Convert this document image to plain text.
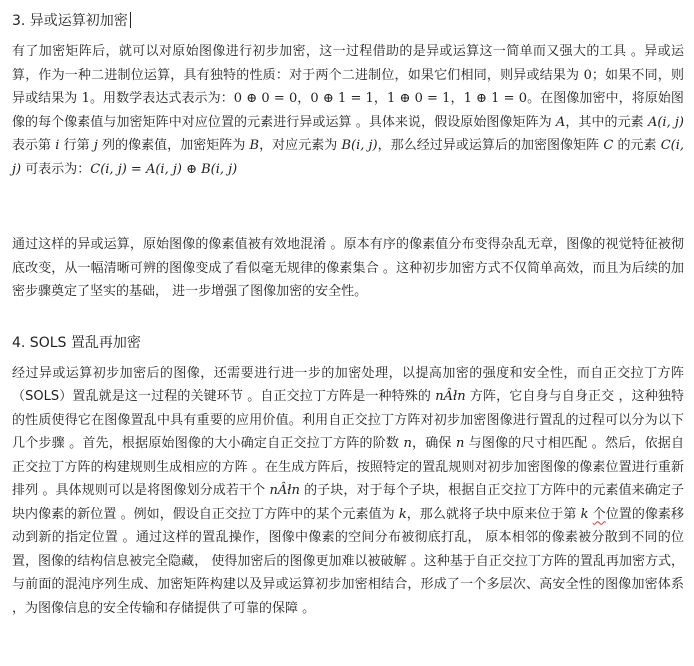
3. 异或运算初加密

有了加密矩阵后，就可以对原始图像进行初步加密，这一过程借助的是异或运算这一简单而又强大的工具 。异或运算，作为一种二进制位运算，具有独特的性质：对于两个二进制位，如果它们相同，则异或结果为 0；如果不同，则异或结果为 1。用数学表达式表示为：0 ⊕ 0 = 0，0 ⊕ 1 = 1，1 ⊕ 0 = 1，1 ⊕ 1 = 0。在图像加密中，将原始图像的每个像素值与加密矩阵中对应位置的元素进行异或运算 。具体来说，假设原始图像矩阵为 A，其中的元素 A(i, j) 表示第 i 行第 j 列的像素值，加密矩阵为 B，对应元素为 B(i, j)，那么经过异或运算后的加密图像矩阵 C 的元素 C(i, j) 可表示为：C(i, j) = A(i, j) ⊕ B(i, j)

通过这样的异或运算，原始图像的像素值被有效地混淆 。原本有序的像素值分布变得杂乱无章，图像的视觉特征被彻底改变，从一幅清晰可辨的图像变成了看似毫无规律的像素集合 。这种初步加密方式不仅简单高效，而且为后续的加密步骤奠定了坚实的基础， 进一步增强了图像加密的安全性。

4. SOLS 置乱再加密

经过异或运算初步加密后的图像，还需要进行进一步的加密处理，以提高加密的强度和安全性，而自正交拉丁方阵（SOLS）置乱就是这一过程的关键环节 。自正交拉丁方阵是一种特殊的 nÂłn 方阵，它自身与自身正交 ，这种独特的性质使得它在图像置乱中具有重要的应用价值。利用自正交拉丁方阵对初步加密图像进行置乱的过程可以分为以下几个步骤 。首先，根据原始图像的大小确定自正交拉丁方阵的阶数 n，确保 n 与图像的尺寸相匹配 。然后，依据自正交拉丁方阵的构建规则生成相应的方阵 。在生成方阵后，按照特定的置乱规则对初步加密图像的像素位置进行重新排列 。具体规则可以是将图像划分成若干个 nÂłn 的子块，对于每个子块，根据自正交拉丁方阵中的元素值来确定子块内像素的新位置 。例如，假设自正交拉丁方阵中的某个元素值为 k，那么就将子块中原来位于第 k 个位置的像素移动到新的指定位置 。通过这样的置乱操作，图像中像素的空间分布被彻底打乱， 原本相邻的像素被分散到不同的位置，图像的结构信息被完全隐藏， 使得加密后的图像更加难以被破解 。这种基于自正交拉丁方阵的置乱再加密方式，与前面的混沌序列生成、加密矩阵构建以及异或运算初步加密相结合，形成了一个多层次、高安全性的图像加密体系 ，为图像信息的安全传输和存储提供了可靠的保障 。
